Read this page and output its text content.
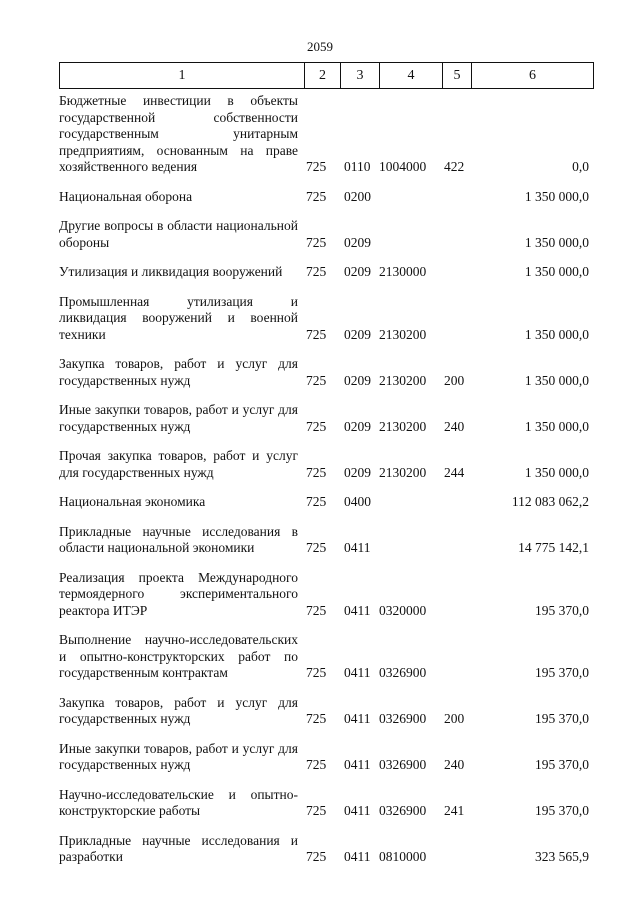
2059
1	2	3	4	5	6
Бюджетные инвестиции в объекты государственной собственности государственным унитарным предприятиям, основанным на праве хозяйственного ведения	725	0110	1004000	422	0,0
Национальная оборона	725	0200			1 350 000,0
Другие вопросы в области национальной обороны	725	0209			1 350 000,0
Утилизация и ликвидация вооружений	725	0209	2130000		1 350 000,0
Промышленная утилизация и ликвидация вооружений и военной техники	725	0209	2130200		1 350 000,0
Закупка товаров, работ и услуг для государственных нужд	725	0209	2130200	200	1 350 000,0
Иные закупки товаров, работ и услуг для государственных нужд	725	0209	2130200	240	1 350 000,0
Прочая закупка товаров, работ и услуг для государственных нужд	725	0209	2130200	244	1 350 000,0
Национальная экономика	725	0400			112 083 062,2
Прикладные научные исследования в области национальной экономики	725	0411			14 775 142,1
Реализация проекта Международного термоядерного экспериментального реактора ИТЭР	725	0411	0320000		195 370,0
Выполнение научно-исследовательских и опытно-конструкторских работ по государственным контрактам	725	0411	0326900		195 370,0
Закупка товаров, работ и услуг для государственных нужд	725	0411	0326900	200	195 370,0
Иные закупки товаров, работ и услуг для государственных нужд	725	0411	0326900	240	195 370,0
Научно-исследовательские и опытно-конструкторские работы	725	0411	0326900	241	195 370,0
Прикладные научные исследования и разработки	725	0411	0810000		323 565,9
